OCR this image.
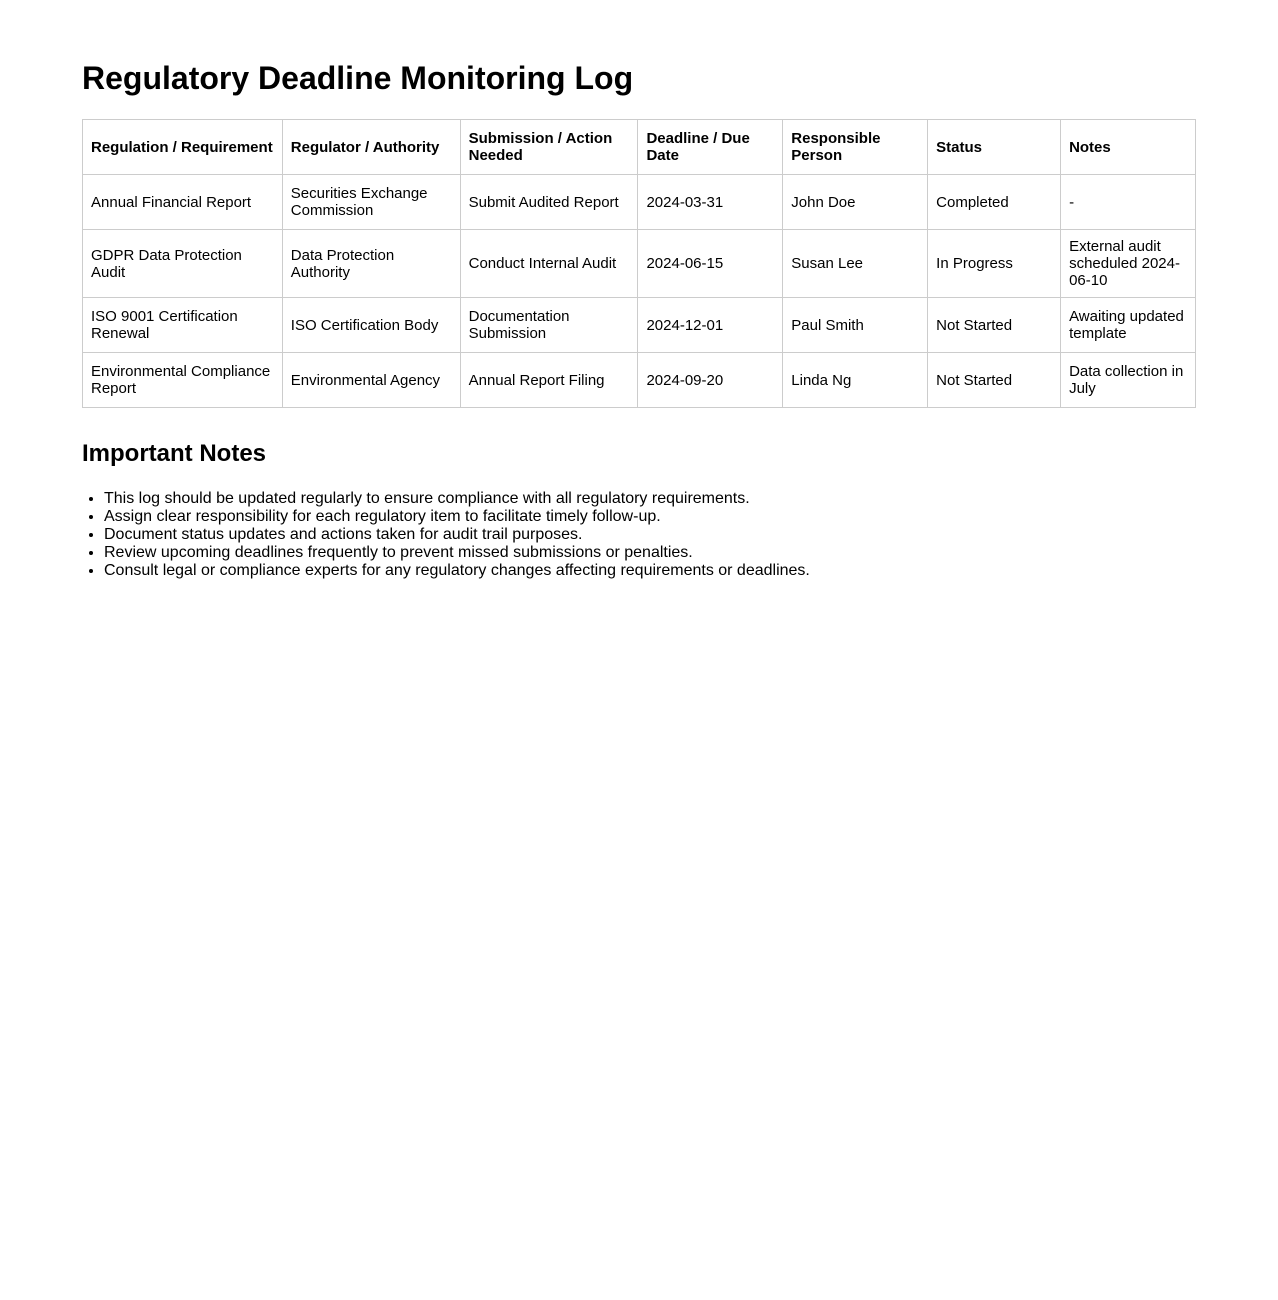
Regulatory Deadline Monitoring Log
Regulation / Requirement	Regulator / Authority	Submission / Action Needed	Deadline / Due Date	Responsible Person	Status	Notes
Annual Financial Report	Securities Exchange Commission	Submit Audited Report	2024-03-31	John Doe	Completed	-
GDPR Data Protection Audit	Data Protection Authority	Conduct Internal Audit	2024-06-15	Susan Lee	In Progress	External audit scheduled 2024-06-10
ISO 9001 Certification Renewal	ISO Certification Body	Documentation Submission	2024-12-01	Paul Smith	Not Started	Awaiting updated template
Environmental Compliance Report	Environmental Agency	Annual Report Filing	2024-09-20	Linda Ng	Not Started	Data collection in July
Important Notes
• This log should be updated regularly to ensure compliance with all regulatory requirements.
• Assign clear responsibility for each regulatory item to facilitate timely follow-up.
• Document status updates and actions taken for audit trail purposes.
• Review upcoming deadlines frequently to prevent missed submissions or penalties.
• Consult legal or compliance experts for any regulatory changes affecting requirements or deadlines.
